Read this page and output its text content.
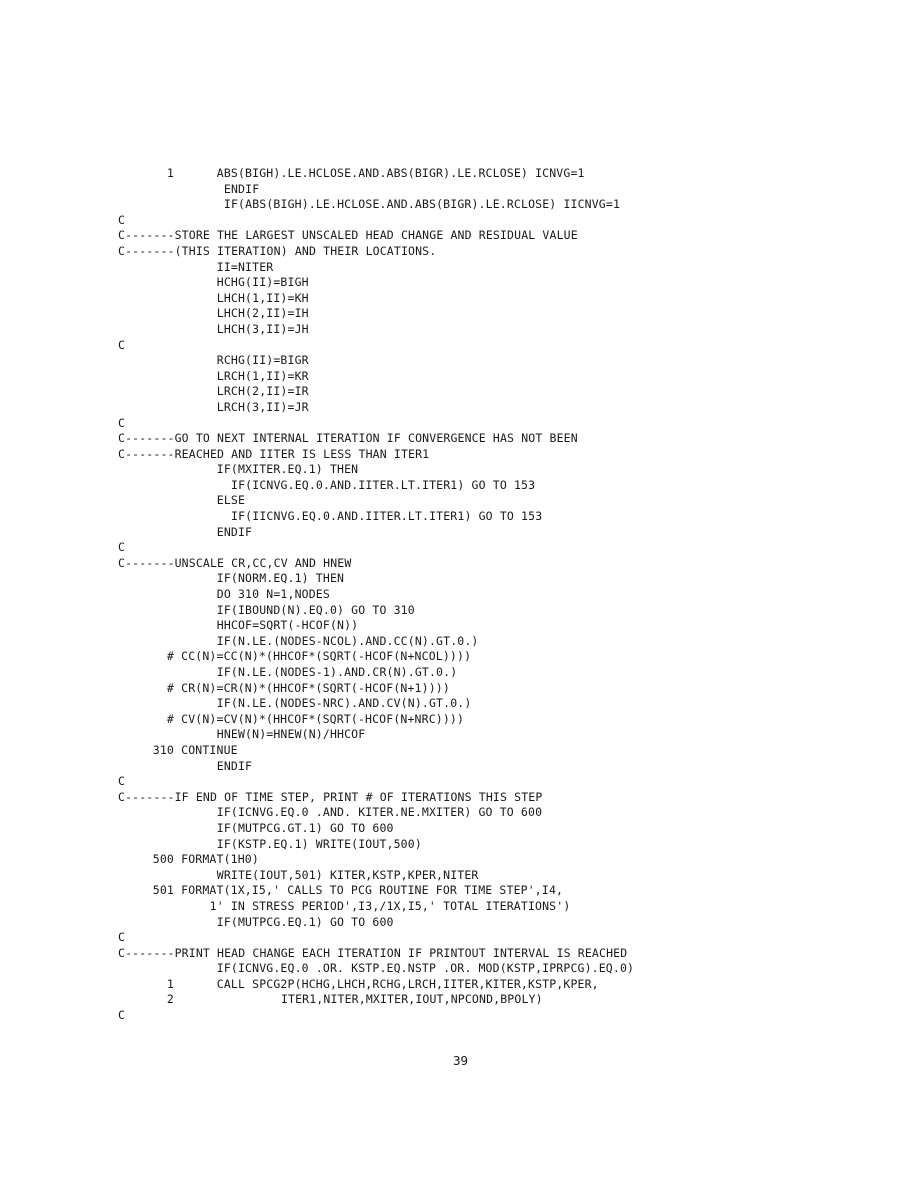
1	ABS(BIGH).LE.HCLOSE.AND.ABS(BIGR).LE.RCLOSE) ICNVG=1
ENDIF
IF(ABS(BIGH).LE.HCLOSE.AND.ABS(BIGR).LE.RCLOSE) IICNVG=1
C
C -------STORE THE LARGEST UNSCALED HEAD CHANGE AND RESIDUAL VALUE
C -------(THIS ITERATION) AND THEIR LOCATIONS.
II=NITER
HCHG(II)=BIGH
LHCH(1,II)=KH
LHCH(2,II)=IH
LHCH(3,II)=JH
C
RCHG(II)=BIGR
LRCH(1,II)=KR
LRCH(2,II)=IR
LRCH(3,II)=JR
C
C -------GO TO NEXT INTERNAL ITERATION IF CONVERGENCE HAS NOT BEEN
C -------REACHED AND IITER IS LESS THAN ITER1
IF(MXITER.EQ.1) THEN
IF(ICNVG.EQ.0.AND.IITER.LT.ITER1) GO TO 153
ELSE
IF(IICNVG.EQ.0.AND.IITER.LT.ITER1) GO TO 153
ENDIF
C
C -------UNSCALE CR,CC,CV AND HNEW
IF(NORM.EQ.1) THEN
DO 310 N=1,NODES
IF(IBOUND(N).EQ.0) GO TO 310
HHCOF=SQRT(-HCOF(N))
IF(N.LE.(NODES-NCOL).AND.CC(N).GT.0.)
# CC(N)=CC(N)*(HHCOF*(SQRT(-HCOF(N+NCOL))))
IF(N.LE.(NODES-1).AND.CR(N).GT.0.)
# CR(N)=CR(N)*(HHCOF*(SQRT(-HCOF(N+1))))
IF(N.LE.(NODES-NRC).AND.CV(N).GT.0.)
# CV(N)=CV(N)*(HHCOF*(SQRT(-HCOF(N+NRC))))
HNEW(N)=HNEW(N)/HHCOF
310 CONTINUE
ENDIF
C
C -------IF END OF TIME STEP, PRINT # OF ITERATIONS THIS STEP
IF(ICNVG.EQ.0 .AND. KITER.NE.MXITER) GO TO 600
IF(MUTPCG.GT.1) GO TO 600
IF(KSTP.EQ.1) WRITE(IOUT,500)
500 FORMAT(1H0)
WRITE(IOUT,501) KITER,KSTP,KPER,NITER
501 FORMAT(1X,I5,' CALLS TO PCG ROUTINE FOR TIME STEP',I4,
1' IN STRESS PERIOD',I3,/1X,I5,' TOTAL ITERATIONS')
IF(MUTPCG.EQ.1) GO TO 600
C
C -------PRINT HEAD CHANGE EACH ITERATION IF PRINTOUT INTERVAL IS REACHED
IF(ICNVG.EQ.0 .OR. KSTP.EQ.NSTP .OR. MOD(KSTP,IPRPCG).EQ.0)
1	CALL SPCG2P(HCHG,LHCH,RCHG,LRCH,IITER,KITER,KSTP,KPER,
2	ITER1,NITER,MXITER,IOUT,NPCOND,BPOLY)
C
39
